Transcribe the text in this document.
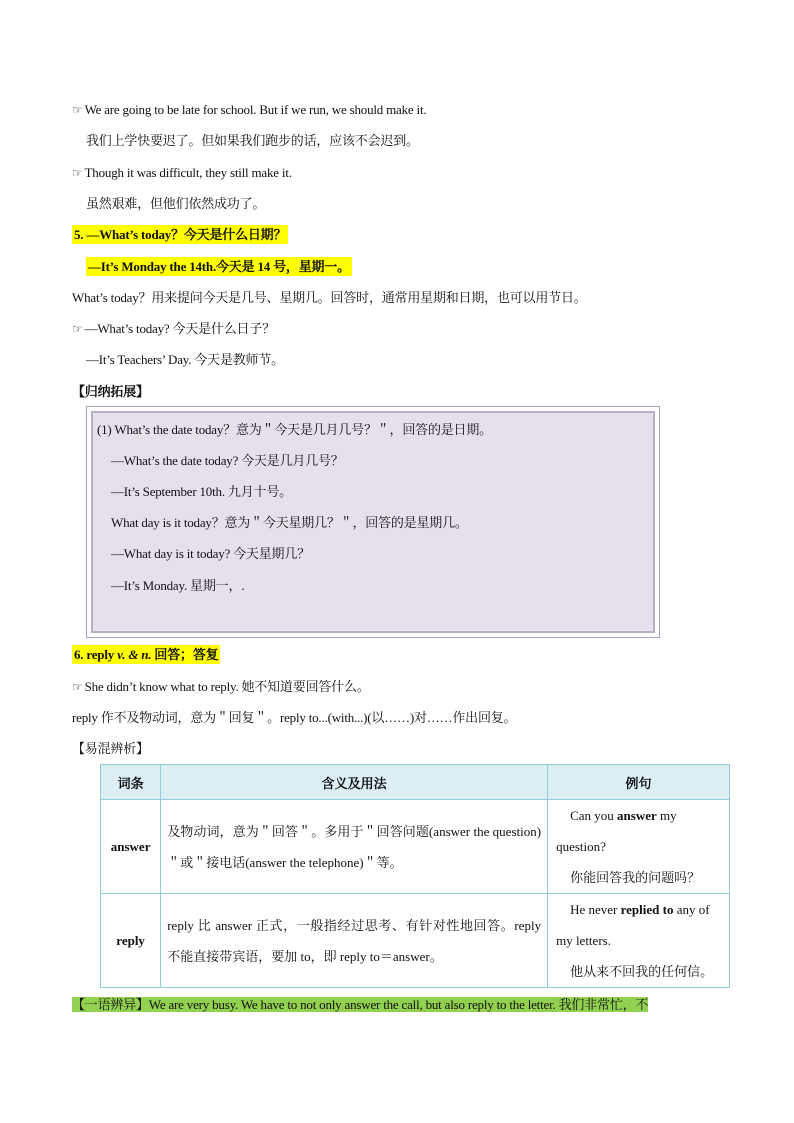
☞ We are going to be late for school. But if we run, we should make it.
我们上学快要迟了。但如果我们跑步的话，应该不会迟到。
☞ Though it was difficult, they still make it.
虽然艰难，但他们依然成功了。
5. —What’s today？今天是什么日期？
—It’s Monday the 14th.今天是 14 号，星期一。
What’s today？用来提问今天是几号、星期几。回答时，通常用星期和日期，也可以用节日。
☞ —What’s today? 今天是什么日子？
—It’s Teachers’ Day. 今天是教师节。
【归纳拓展】
(1) What’s the date today？意为＂今天是几月几号？＂，回答的是日期。
—What’s the date today? 今天是几月几号？
—It’s September 10th. 九月十号。
What day is it today？意为＂今天星期几？＂，回答的是星期几。
—What day is it today? 今天星期几？
—It’s Monday. 星期一，.
6. reply v. & n. 回答；答复
☞ She didn’t know what to reply. 她不知道要回答什么。
reply 作不及物动词，意为＂回复＂。reply to...(with...)(以……)对……作出回复。
【易混辨析】
词条	含义及用法	例句
answer	及物动词，意为＂回答＂。多用于＂回答问题(answer the question)＂或＂接电话(answer the telephone)＂等。	Can you answer my question?
你能回答我的问题吗？

reply	reply 比 answer 正式，一般指经过思考、有针对性地回答。reply 不能直接带宾语，要加 to，即 reply to＝answer。	He never replied to any of my letters.
他从来不回我的任何信。
【一语辨异】We are very busy. We have to not only answer the call, but also reply to the letter. 我们非常忙，不
